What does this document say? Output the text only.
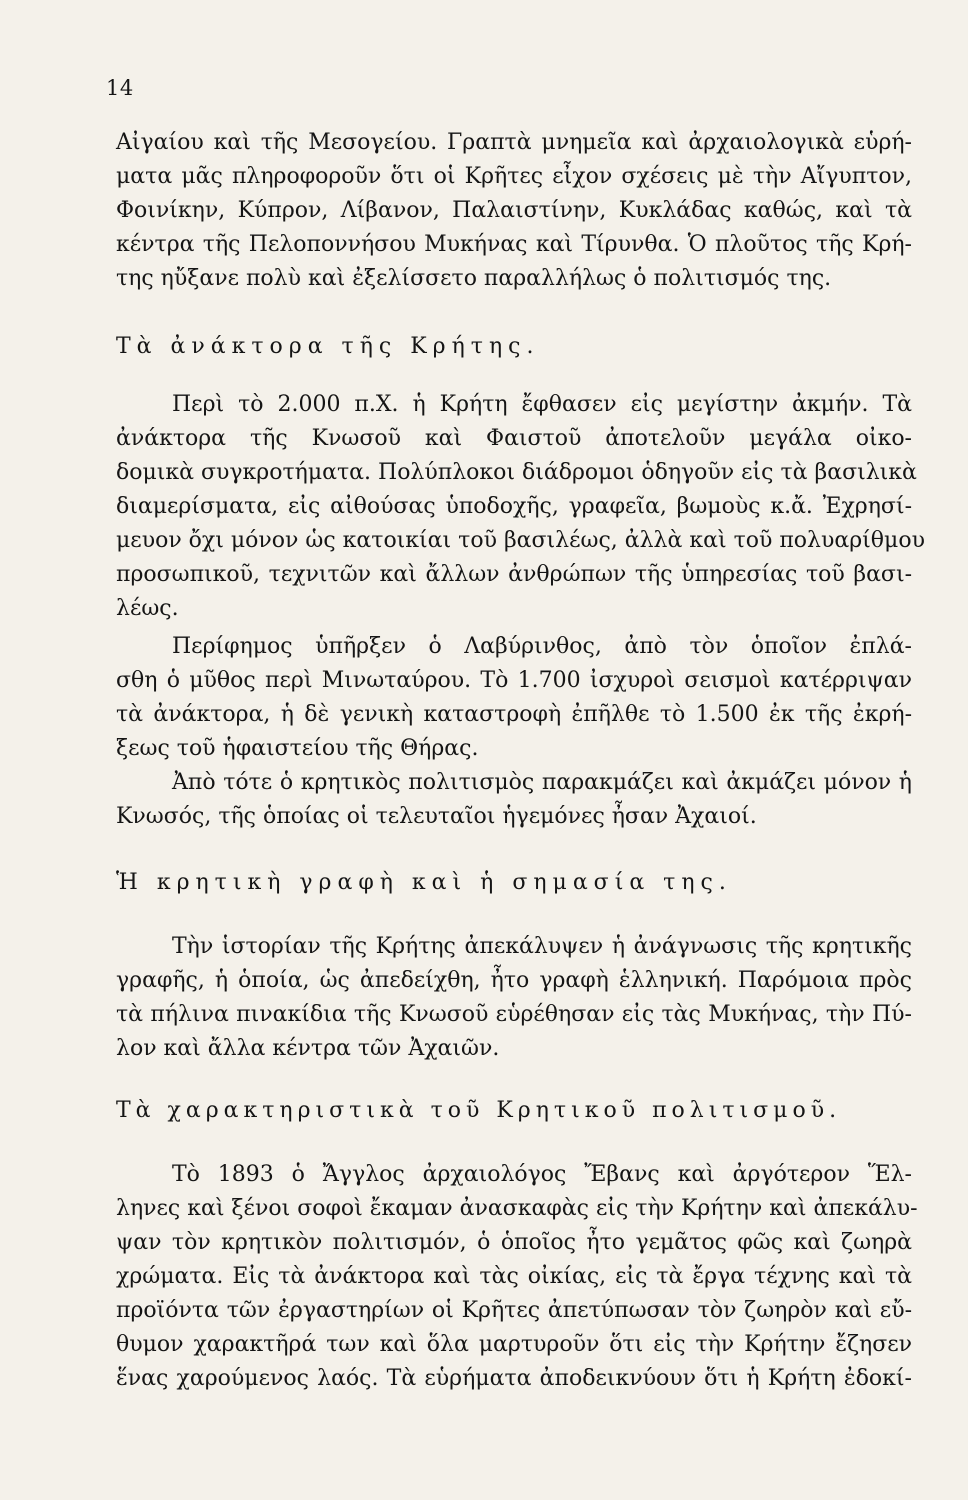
14
Αἰγαίου καὶ τῆς Μεσογείου. Γραπτὰ μνημεῖα καὶ ἀρχαιολογικὰ εὑρή-
ματα μᾶς πληροφοροῦν ὅτι οἱ Κρῆτες εἶχον σχέσεις μὲ τὴν Αἴγυπτον,
Φοινίκην, Κύπρον, Λίβανον, Παλαιστίνην, Κυκλάδας καθώς, καὶ τὰ
κέντρα τῆς Πελοποννήσου Μυκήνας καὶ Τίρυνθα. Ὁ πλοῦτος τῆς Κρή-
της ηὔξανε πολὺ καὶ ἐξελίσσετο παραλλήλως ὁ πολιτισμός της.
Τὰ ἀνάκτορα τῆς Κρήτης.
Περὶ τὸ 2.000 π.Χ. ἡ Κρήτη ἔφθασεν εἰς μεγίστην ἀκμήν. Τὰ
ἀνάκτορα τῆς Κνωσοῦ καὶ Φαιστοῦ ἀποτελοῦν μεγάλα οἰκο-
δομικὰ συγκροτήματα. Πολύπλοκοι διάδρομοι ὁδηγοῦν εἰς τὰ βασιλικὰ
διαμερίσματα, εἰς αἰθούσας ὑποδοχῆς, γραφεῖα, βωμοὺς κ.ἄ. Ἐχρησί-
μευον ὄχι μόνον ὡς κατοικίαι τοῦ βασιλέως, ἀλλὰ καὶ τοῦ πολυαρίθμου
προσωπικοῦ, τεχνιτῶν καὶ ἄλλων ἀνθρώπων τῆς ὑπηρεσίας τοῦ βασι-
λέως.
Περίφημος ὑπῆρξεν ὁ Λαβύρινθος, ἀπὸ τὸν ὁποῖον ἐπλά-
σθη ὁ μῦθος περὶ Μινωταύρου. Τὸ 1.700 ἰσχυροὶ σεισμοὶ κατέρριψαν
τὰ ἀνάκτορα, ἡ δὲ γενικὴ καταστροφὴ ἐπῆλθε τὸ 1.500 ἐκ τῆς ἐκρή-
ξεως τοῦ ἡφαιστείου τῆς Θήρας.
Ἀπὸ τότε ὁ κρητικὸς πολιτισμὸς παρακμάζει καὶ ἀκμάζει μόνον ἡ
Κνωσός, τῆς ὁποίας οἱ τελευταῖοι ἡγεμόνες ἦσαν Ἀχαιοί.
Ἡ κρητικὴ γραφὴ καὶ ἡ σημασία της.
Τὴν ἱστορίαν τῆς Κρήτης ἀπεκάλυψεν ἡ ἀνάγνωσις τῆς κρητικῆς
γραφῆς, ἡ ὁποία, ὡς ἀπεδείχθη, ἦτο γραφὴ ἑλληνική. Παρόμοια πρὸς
τὰ πήλινα πινακίδια τῆς Κνωσοῦ εὑρέθησαν εἰς τὰς Μυκήνας, τὴν Πύ-
λον καὶ ἄλλα κέντρα τῶν Ἀχαιῶν.
Τὰ χαρακτηριστικὰ τοῦ Κρητικοῦ πολιτισμοῦ.
Τὸ 1893 ὁ Ἄγγλος ἀρχαιολόγος Ἔβανς καὶ ἀργότερον Ἕλ-
ληνες καὶ ξένοι σοφοὶ ἔκαμαν ἀνασκαφὰς εἰς τὴν Κρήτην καὶ ἀπεκάλυ-
ψαν τὸν κρητικὸν πολιτισμόν, ὁ ὁποῖος ἦτο γεμᾶτος φῶς καὶ ζωηρὰ
χρώματα. Εἰς τὰ ἀνάκτορα καὶ τὰς οἰκίας, εἰς τὰ ἔργα τέχνης καὶ τὰ
προϊόντα τῶν ἐργαστηρίων οἱ Κρῆτες ἀπετύπωσαν τὸν ζωηρὸν καὶ εὔ-
θυμον χαρακτῆρά των καὶ ὅλα μαρτυροῦν ὅτι εἰς τὴν Κρήτην ἔζησεν
ἕνας χαρούμενος λαός. Τὰ εὑρήματα ἀποδεικνύουν ὅτι ἡ Κρήτη ἐδοκί-
